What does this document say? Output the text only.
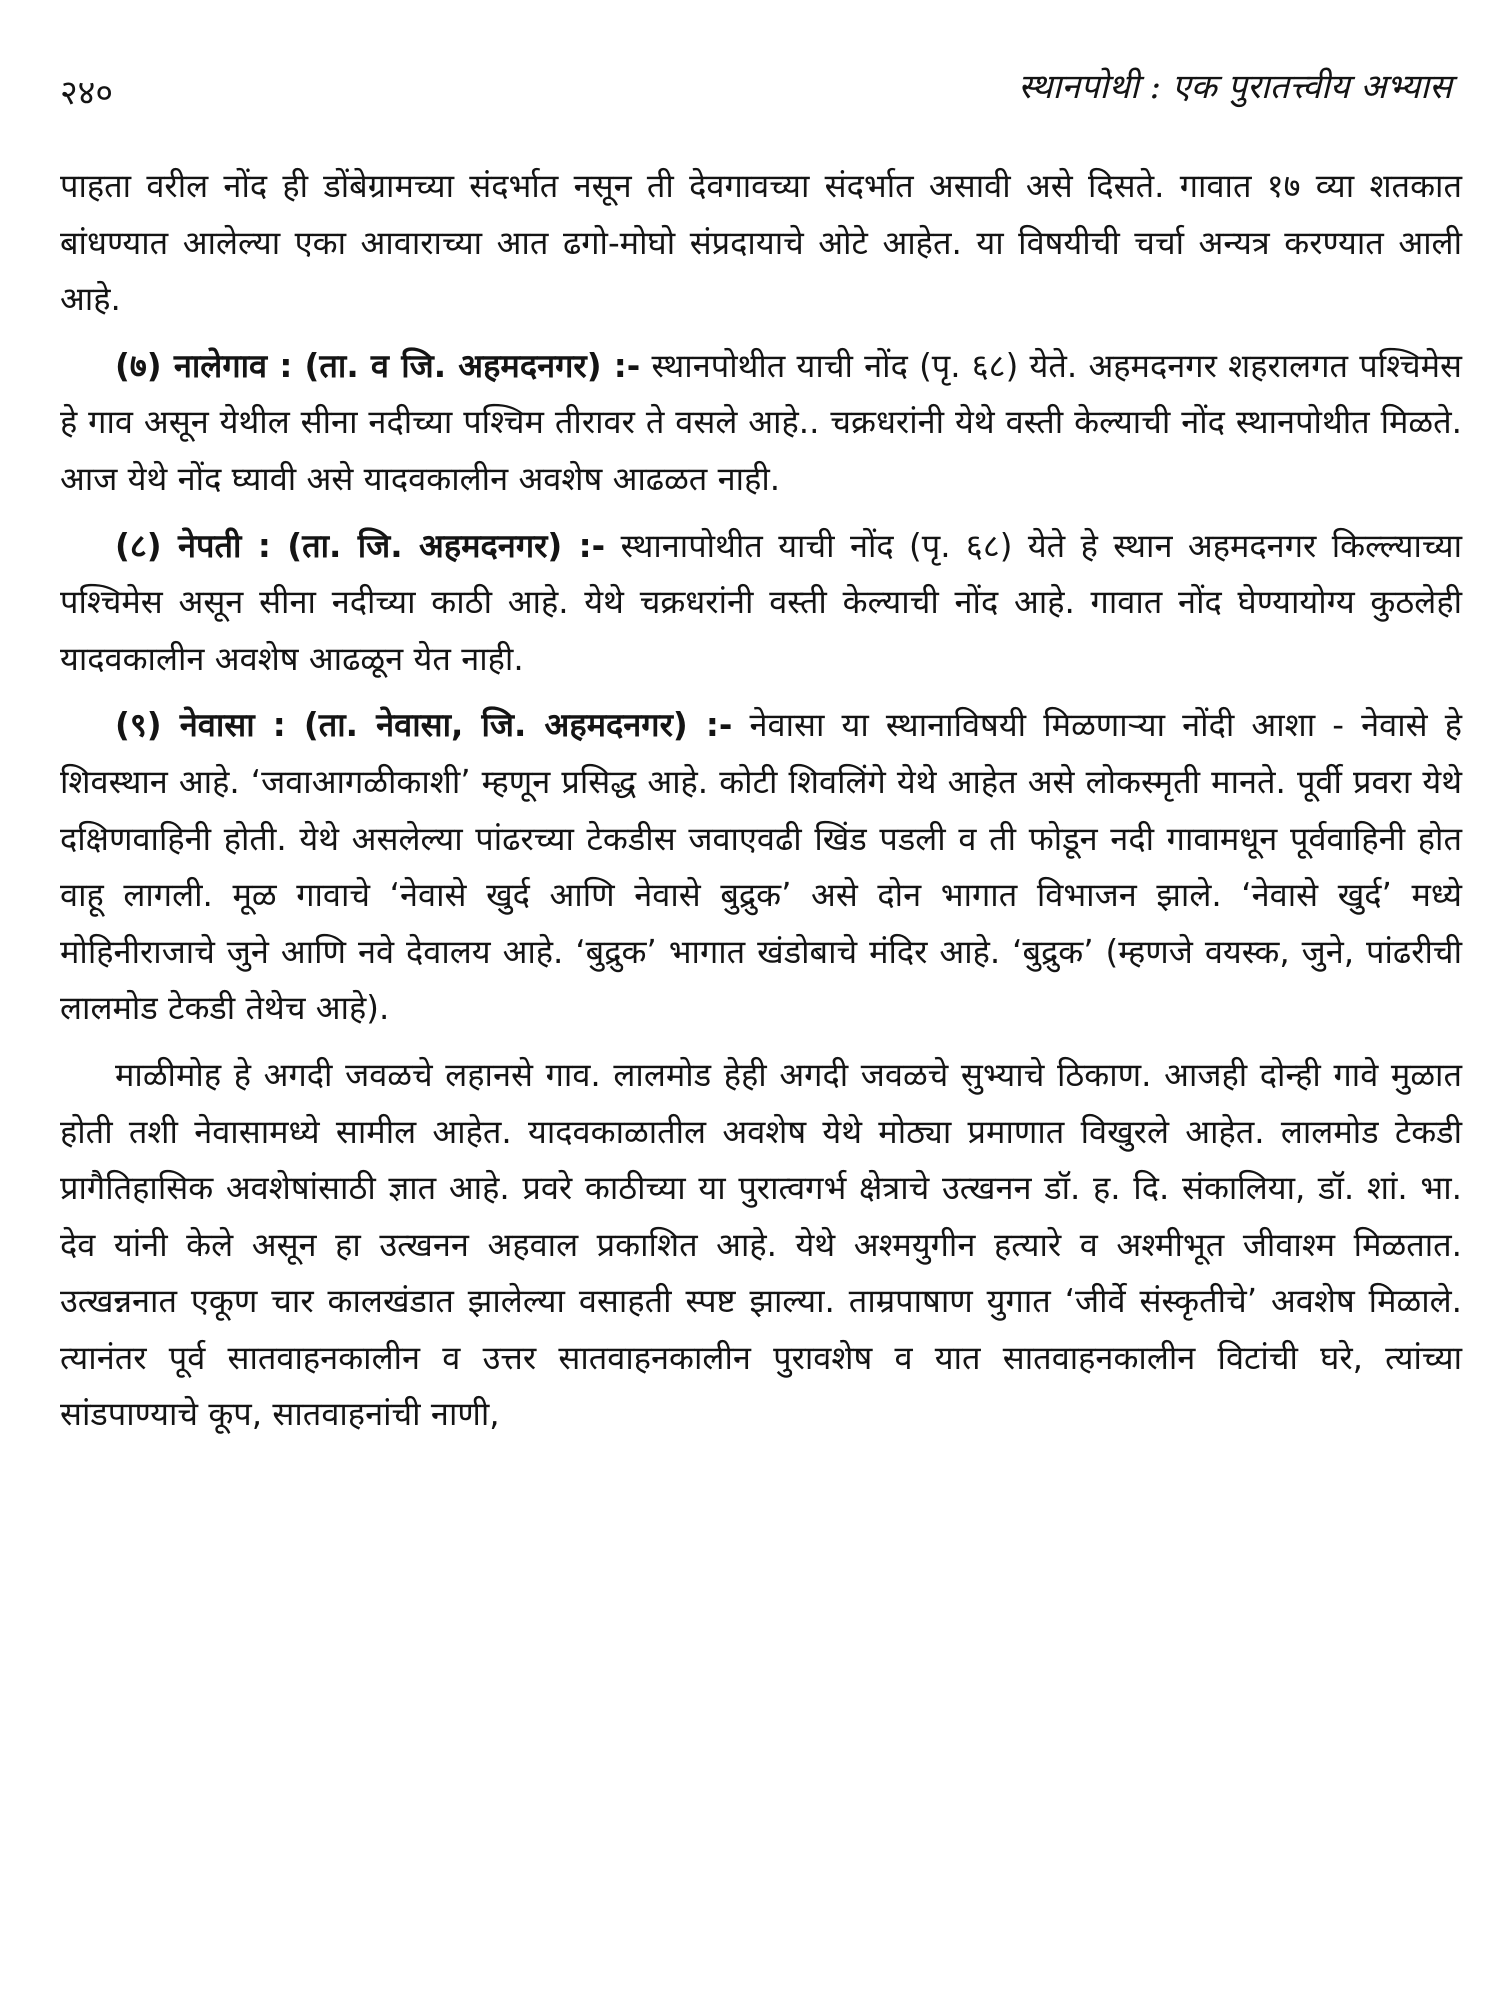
२४०	स्थानपोथी : एक पुरातत्त्वीय अभ्यास

पाहता वरील नोंद ही डोंबेग्रामच्या संदर्भात नसून ती देवगावच्या संदर्भात असावी असे दिसते. गावात १७ व्या शतकात बांधण्यात आलेल्या एका आवाराच्या आत ढगो-मोघो संप्रदायाचे ओटे आहेत. या विषयीची चर्चा अन्यत्र करण्यात आली आहे.

(७) नालेगाव : (ता. व जि. अहमदनगर) :- स्थानपोथीत याची नोंद (पृ. ६८) येते. अहमदनगर शहरालगत पश्चिमेस हे गाव असून येथील सीना नदीच्या पश्चिम तीरावर ते वसले आहे.. चक्रधरांनी येथे वस्ती केल्याची नोंद स्थानपोथीत मिळते. आज येथे नोंद घ्यावी असे यादवकालीन अवशेष आढळत नाही.

(८) नेपती : (ता. जि. अहमदनगर) :- स्थानापोथीत याची नोंद (पृ. ६८) येते हे स्थान अहमदनगर किल्ल्याच्या पश्चिमेस असून सीना नदीच्या काठी आहे. येथे चक्रधरांनी वस्ती केल्याची नोंद आहे. गावात नोंद घेण्यायोग्य कुठलेही यादवकालीन अवशेष आढळून येत नाही.

(९) नेवासा : (ता. नेवासा, जि. अहमदनगर) :- नेवासा या स्थानाविषयी मिळणाऱ्या नोंदी आशा - नेवासे हे शिवस्थान आहे. ‘जवाआगळीकाशी’ म्हणून प्रसिद्ध आहे. कोटी शिवलिंगे येथे आहेत असे लोकस्मृती मानते. पूर्वी प्रवरा येथे दक्षिणवाहिनी होती. येथे असलेल्या पांढरच्या टेकडीस जवाएवढी खिंड पडली व ती फोडून नदी गावामधून पूर्ववाहिनी होत वाहू लागली. मूळ गावाचे ‘नेवासे खुर्द आणि नेवासे बुद्रुक’ असे दोन भागात विभाजन झाले. ‘नेवासे खुर्द’ मध्ये मोहिनीराजाचे जुने आणि नवे देवालय आहे. ‘बुद्रुक’ भागात खंडोबाचे मंदिर आहे. ‘बुद्रुक’ (म्हणजे वयस्क, जुने, पांढरीची लालमोड टेकडी तेथेच आहे).

माळीमोह हे अगदी जवळचे लहानसे गाव. लालमोड हेही अगदी जवळचे सुभ्याचे ठिकाण. आजही दोन्ही गावे मुळात होती तशी नेवासामध्ये सामील आहेत. यादवकाळातील अवशेष येथे मोठ्या प्रमाणात विखुरले आहेत. लालमोड टेकडी प्रागैतिहासिक अवशेषांसाठी ज्ञात आहे. प्रवरे काठीच्या या पुरात्वगर्भ क्षेत्राचे उत्खनन डॉ. ह. दि. संकालिया, डॉ. शां. भा. देव यांनी केले असून हा उत्खनन अहवाल प्रकाशित आहे. येथे अश्मयुगीन हत्यारे व अश्मीभूत जीवाश्म मिळतात. उत्खन्ननात एकूण चार कालखंडात झालेल्या वसाहती स्पष्ट झाल्या. ताम्रपाषाण युगात ‘जीर्वे संस्कृतीचे’ अवशेष मिळाले. त्यानंतर पूर्व सातवाहनकालीन व उत्तर सातवाहनकालीन पुरावशेष व यात सातवाहनकालीन विटांची घरे, त्यांच्या सांडपाण्याचे कूप, सातवाहनांची नाणी,
